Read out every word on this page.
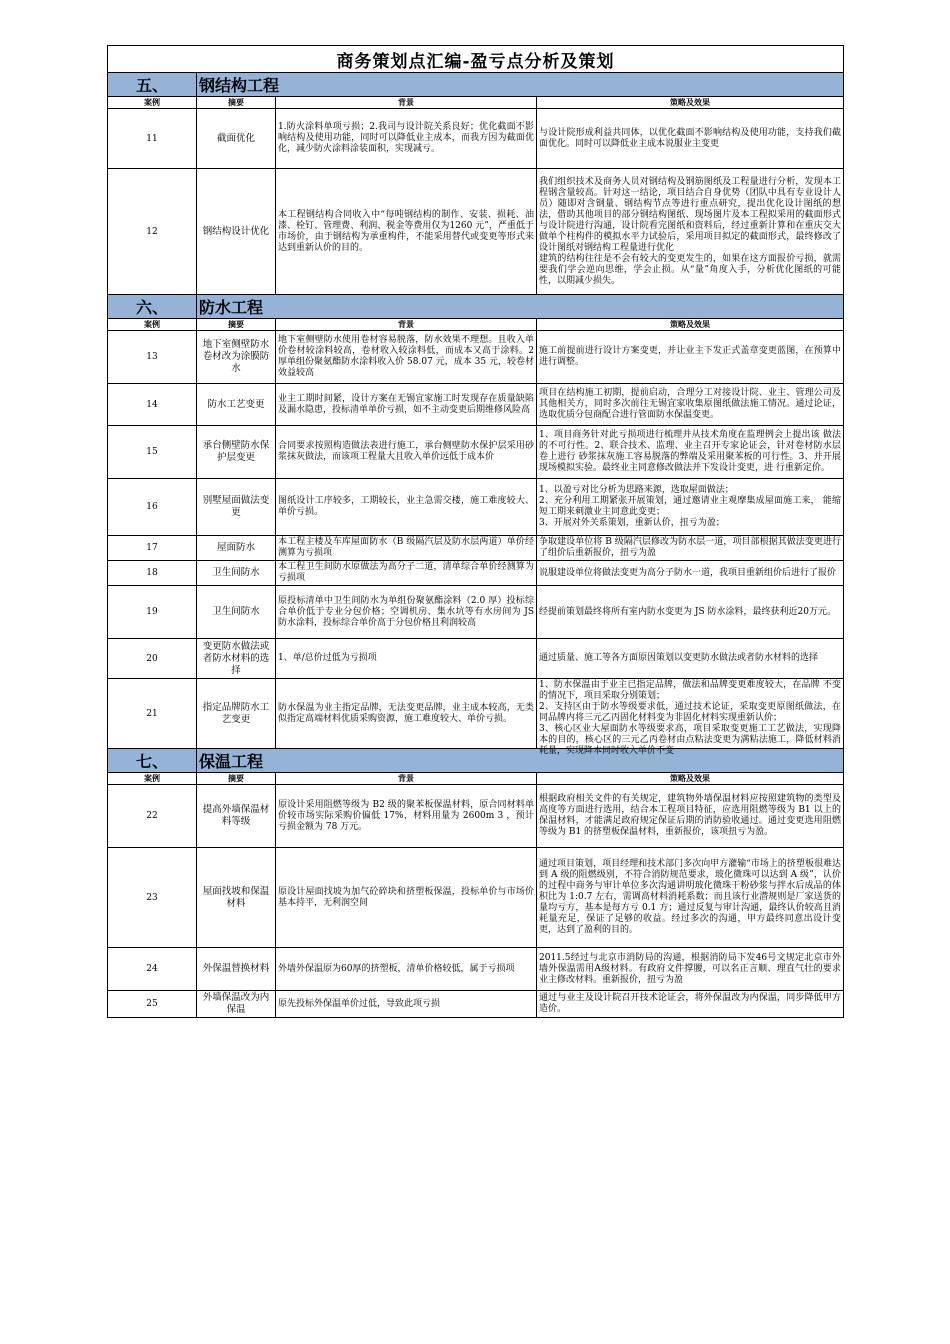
商务策划点汇编-盈亏点分析及策划			
五、	钢结构工程		
案例	摘要	背景	策略及效果
11	截面优化	1.防火涂料单项亏损；2.我司与设计院关系良好；优化截面不影响结构及使用功能，同时可以降低业主成本，而我方因为截面优化，减少防火涂料涂装面积，实现减亏。	与设计院形成利益共同体，以优化截面不影响结构及使用功能，支持我们截面优化。同时可以降低业主成本说服业主变更

12	钢结构设计优化	本工程钢结构合同收入中“每吨钢结构的制作、安装、损耗、油漆、栓钉、管理费、利润、税金等费用仅为1260 元”，严重低于市场价，由于钢结构为承重构件，不能采用替代或变更等形式来达到重新认价的目的。	我们组织技术及商务人员对钢结构及钢筋图纸及工程量进行分析，发现本工程钢含量较高。针对这一结论，项目结合自身优势（团队中具有专业设计人员）随即对含钢量、钢结构节点等进行重点研究，提出优化设计图纸的想法，借助其他项目的部分钢结构图纸、现场图片及本工程拟采用的截面形式与设计院进行沟通，设计院看完图纸和资料后，经过重新计算和在重庆交大做单个柱构件的模拟水平力试验后，采用项目拟定的截面形式，最终修改了设计图纸对钢结构工程量进行优化
建筑的结构往往是不会有较大的变更发生的，如果在这方面报价亏损，就需要我们学会逆向思维，学会止损。从“量”角度入手，分析优化图纸的可能性，以期减少损失。

六、	防水工程		
案例	摘要	背景	策略及效果
13	地下室侧壁防水卷材改为涂膜防水	地下室侧壁防水使用卷材容易脱落，防水效果不理想。且收入单价卷材较涂料较高，卷材收入较涂料低，而成本又高于涂料。2 厚单组份聚氨酯防水涂料收入价 58.07 元，成本 35 元，较卷材效益较高	施工前提前进行设计方案变更，并让业主下发正式盖章变更蓝图，在预算中进行调整。

14	防水工艺变更	业主工期时间紧，设计方案在无锡宜家施工时发现存在质量缺陷及漏水隐患，投标清单单价亏损，如不主动变更后期维修风险高	项目在结构施工初期，提前启动，合理分工对接设计院、业主、管理公司及其他相关方，同时多次前往无锡宜家收集原图纸做法施工情况。通过论证，选取优质分包商配合进行管面防水保温变更。

15	承台侧壁防水保护层变更	合同要求按照构造做法表进行施工，承台侧壁防水保护层采用砂浆抹灰做法，而该项工程量大且收入单价远低于成本价	1、项目商务针对此亏损项进行梳理并从技术角度在监理例会上提出该 做法的不可行性。2、联合技术、监理、业主召开专家论证会，针对卷材防水层卷上进行 砂浆抹灰施工容易脱落的弊端及采用聚苯板的可行性。3、并开展现场模拟实验。最终业主同意修改做法并下发设计变更，进 行重新定价。

16	别墅屋面做法变更	图纸设计工序较多，工期较长，业主急需交楼，施工难度较大、单价亏损。	1、以盈亏对比分析为思路来源，选取屋面做法；
2、充分利用工期紧张开展策划，通过邀请业主观摩集成屋面施工来， 能缩短工期来刺激业主同意此变更；
3、开展对外关系策划，重新认价，扭亏为盈；

17	屋面防水	本工程主楼及车库屋面防水（B 级隔汽层及防水层两道）单价经测算为亏损项	争取建设单位将 B 级隔汽层修改为防水层一道，项目部根据其做法变更进行了组价后重新报价，扭亏为盈

18	卫生间防水	本工程卫生间防水原做法为高分子二道，清单综合单价经测算为亏损项	说服建设单位将做法变更为高分子防水一道，我项目重新组价后进行了报价

19	卫生间防水	原投标清单中卫生间防水为单组份聚氨酯涂料（2.0 厚）投标综合单价低于专业分包价格；空调机房、集水坑等有水房间为 JS 防水涂料，投标综合单价高于分包价格且利润较高	经提前策划最终将所有室内防水变更为 JS 防水涂料，最终获利近20万元。

20	变更防水做法或者防水材料的选择	1、单/总价过低为亏损项	通过质量、施工等各方面原因策划以变更防水做法或者防水材料的选择

21	指定品牌防水工艺变更	防水保温为业主指定品牌，无法变更品牌，业主成本较高，无类似指定高端材料优质采购资源，施工难度较大、单价亏损。	1、防水保温由于业主已指定品牌，做法和品牌变更难度较大，在品牌 不变的情况下，项目采取分别策划；
2、支持区由于防水等级要求低，通过技术论证，采取变更原图纸做法，在同品牌内将三元乙丙固化材料变为非固化材料实现重新认价；
3、核心区业大屋面防水等级要求高，项目采取变更施工工艺做法，实现降本的目的，核心区的三元乙丙卷材由点粘法变更为满粘法施工，降低材料消耗量，实现降本同时收入单价不变

七、	保温工程		
案例	摘要	背景	策略及效果
22	提高外墙保温材料等级	原设计采用阻燃等级为 B2 级的聚苯板保温材料，原合同材料单价较市场实际采购价偏低 17%，材料用量为 2600m 3 ，预计亏损金额为 78 万元。	根据政府相关文件的有关规定，建筑物外墙保温材料应按照建筑物的类型及高度等方面进行选用，结合本工程项目特征，应选用阻燃等级为 B1 以上的保温材料，才能满足政府规定保证后期的消防验收通过。通过变更选用阻燃等级为 B1 的挤塑板保温材料，重新报价，该项扭亏为盈。

23	屋面找坡和保温材料	原设计屋面找坡为加气砼碎块和挤塑板保温，投标单价与市场价基本持平，无利润空间	通过项目策划，项目经理和技术部门多次向甲方灌输“市场上的挤塑板很难达到 A 级的阻燃级别，不符合消防规范要求，玻化微珠可以达到 A 级”，认价的过程中商务与审计单位多次沟通讲明玻化微珠干粉砂浆与拌水后成品的体积比为 1:0.7 左右，需调高材料消耗系数；而且该行业潜规则是厂家送货的量均亏方，基本是每方亏 0.1 方；通过反复与审计沟通，最终认价较高且消耗量充足，保证了足够的收益。经过多次的沟通，甲方最终同意出设计变更，达到了盈利的目的。

24	外保温替换材料	外墙外保温原为60厚的挤塑板，清单价格较低，属于亏损项	2011.5经过与北京市消防局的沟通，根据消防局下发46号文规定北京市外墙外保温需用A级材料。有政府文件撑腰，可以名正言顺、理直气壮的要求业主修改材料。重新报价，扭亏为盈

25	外墙保温改为内保温	原先投标外保温单价过低，导致此项亏损	通过与业主及设计院召开技术论证会，将外保温改为内保温，同步降低甲方造价。
